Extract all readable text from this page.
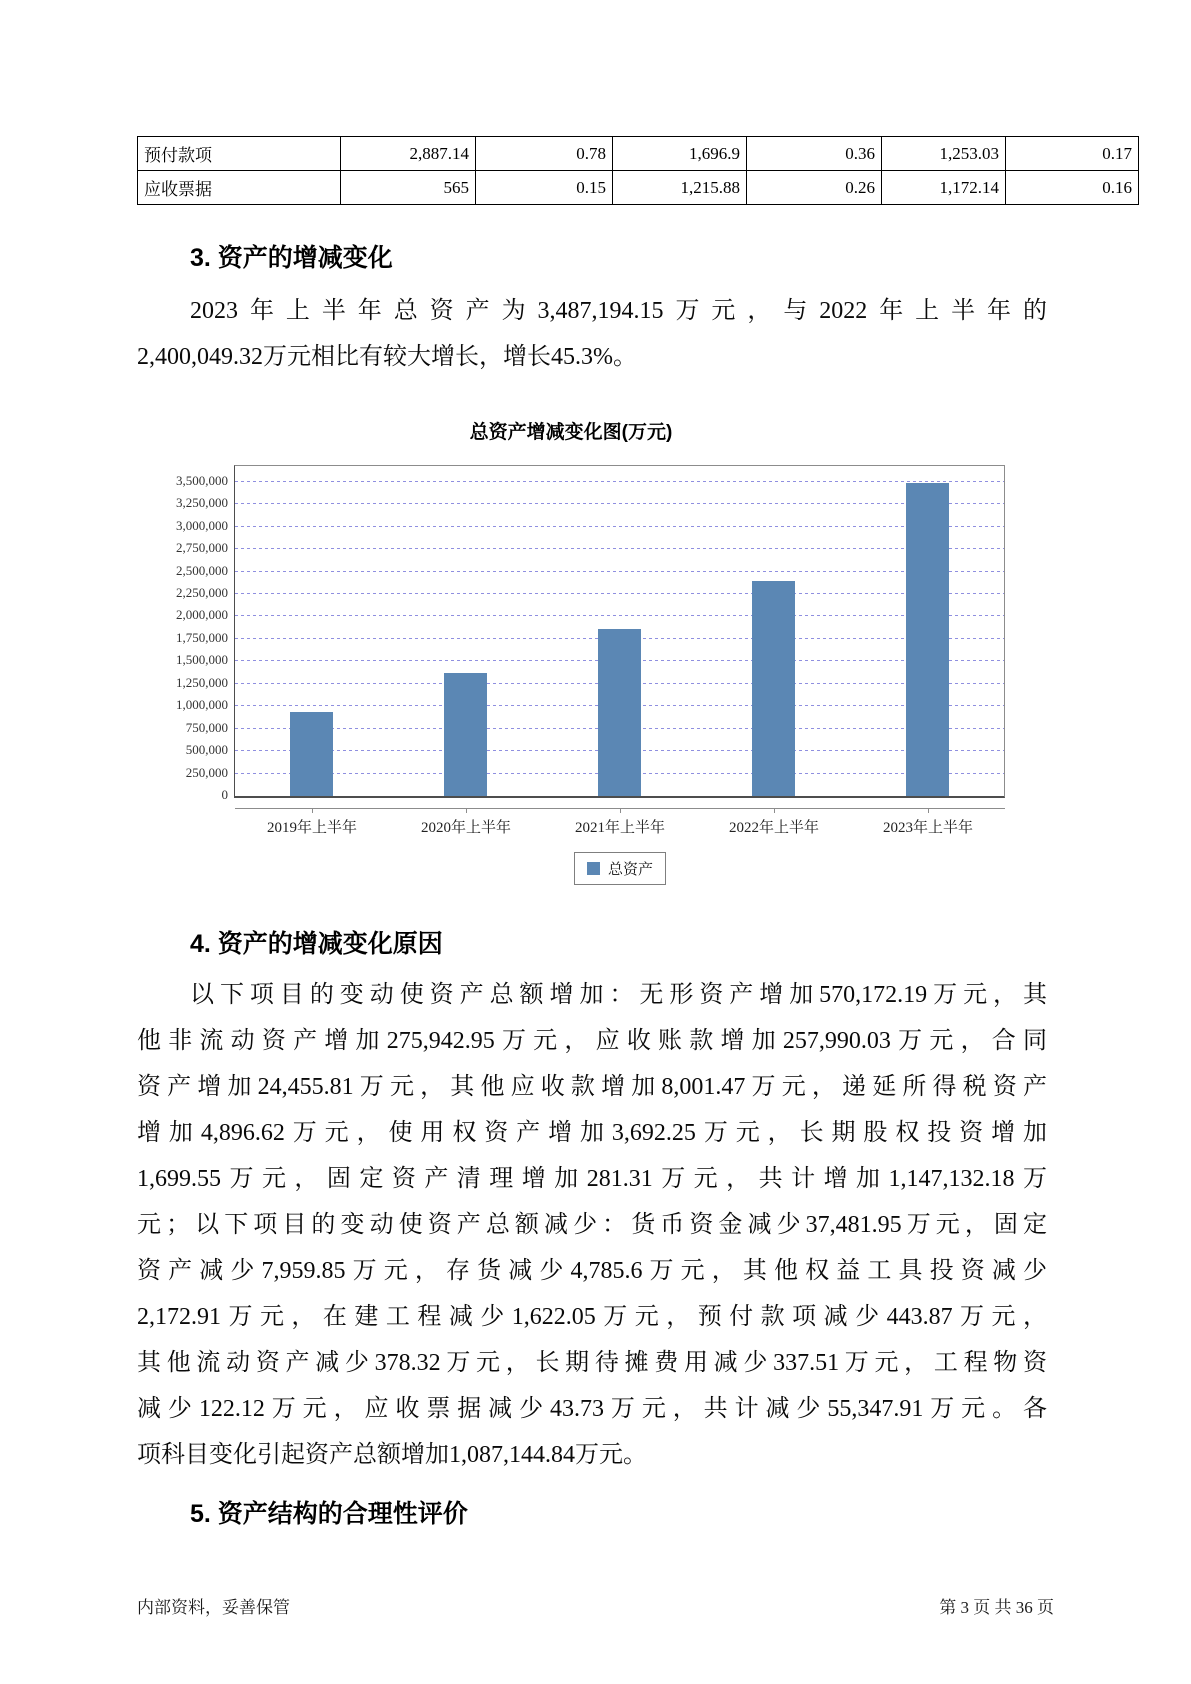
预付款项	2,887.14	0.78	1,696.9	0.36	1,253.03	0.17
应收票据	565	0.15	1,215.88	0.26	1,172.14	0.16
3. 资产的增减变化
2023年上半年总资产为3,487,194.15万元，与2022年上半年的
2,400,049.32万元相比有较大增长，增长45.3%。
总资产增减变化图(万元)
0
250,000
500,000
750,000
1,000,000
1,250,000
1,500,000
1,750,000
2,000,000
2,250,000
2,500,000
2,750,000
3,000,000
3,250,000
3,500,000
2019年上半年	2020年上半年	2021年上半年	2022年上半年	2023年上半年
总资产
4. 资产的增减变化原因
以下项目的变动使资产总额增加：无形资产增加570,172.19万元，其
他非流动资产增加275,942.95万元，应收账款增加257,990.03万元，合同
资产增加24,455.81万元，其他应收款增加8,001.47万元，递延所得税资产
增加4,896.62万元，使用权资产增加3,692.25万元，长期股权投资增加
1,699.55万元，固定资产清理增加281.31万元，共计增加1,147,132.18万
元；以下项目的变动使资产总额减少：货币资金减少37,481.95万元，固定
资产减少7,959.85万元，存货减少4,785.6万元，其他权益工具投资减少
2,172.91万元，在建工程减少1,622.05万元，预付款项减少443.87万元，
其他流动资产减少378.32万元，长期待摊费用减少337.51万元，工程物资
减少122.12万元，应收票据减少43.73万元，共计减少55,347.91万元。各
项科目变化引起资产总额增加1,087,144.84万元。
5. 资产结构的合理性评价
内部资料，妥善保管	第 3 页 共 36 页
